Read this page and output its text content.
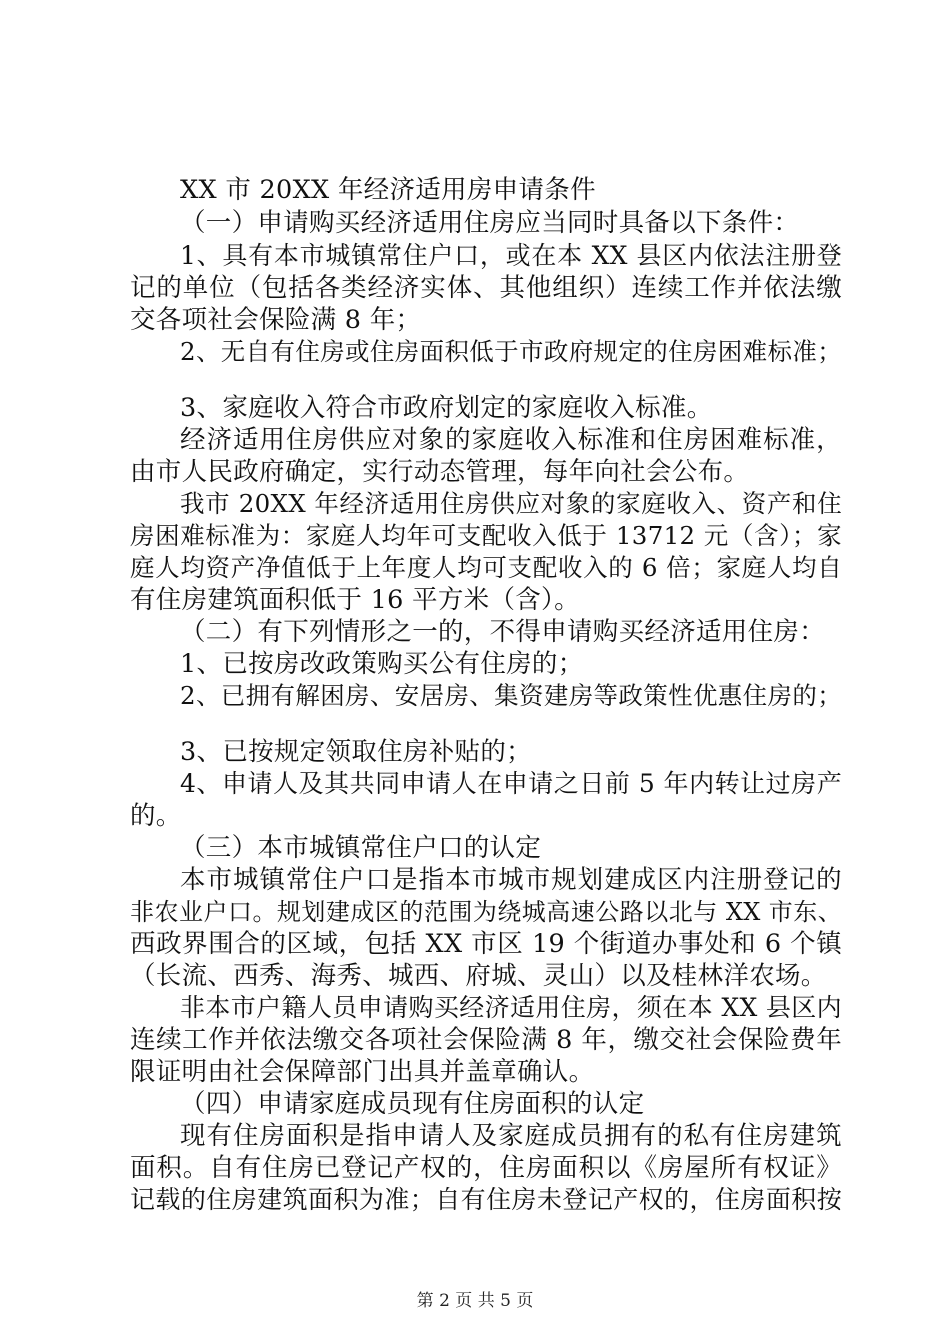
XX 市 20XX 年经济适用房申请条件
（一）申请购买经济适用住房应当同时具备以下条件：
1、具有本市城镇常住户口，或在本 XX 县区内依法注册登
记的单位（包括各类经济实体、其他组织）连续工作并依法缴
交各项社会保险满 8 年；
2、无自有住房或住房面积低于市政府规定的住房困难标准；
3、家庭收入符合市政府划定的家庭收入标准。
经济适用住房供应对象的家庭收入标准和住房困难标准，
由市人民政府确定，实行动态管理，每年向社会公布。
我市 20XX 年经济适用住房供应对象的家庭收入、资产和住
房困难标准为：家庭人均年可支配收入低于 13712 元（含）；家
庭人均资产净值低于上年度人均可支配收入的 6 倍；家庭人均自
有住房建筑面积低于 16 平方米（含）。
（二）有下列情形之一的，不得申请购买经济适用住房：
1、已按房改政策购买公有住房的；
2、已拥有解困房、安居房、集资建房等政策性优惠住房的；
3、已按规定领取住房补贴的；
4、申请人及其共同申请人在申请之日前 5 年内转让过房产
的。
（三）本市城镇常住户口的认定
本市城镇常住户口是指本市城市规划建成区内注册登记的
非农业户口。规划建成区的范围为绕城高速公路以北与 XX 市东、
西政界围合的区域，包括 XX 市区 19 个街道办事处和 6 个镇
（长流、西秀、海秀、城西、府城、灵山）以及桂林洋农场。
非本市户籍人员申请购买经济适用住房，须在本 XX 县区内
连续工作并依法缴交各项社会保险满 8 年，缴交社会保险费年
限证明由社会保障部门出具并盖章确认。
（四）申请家庭成员现有住房面积的认定
现有住房面积是指申请人及家庭成员拥有的私有住房建筑
面积。自有住房已登记产权的，住房面积以《房屋所有权证》
记载的住房建筑面积为准；自有住房未登记产权的，住房面积按
第 2 页 共 5 页
